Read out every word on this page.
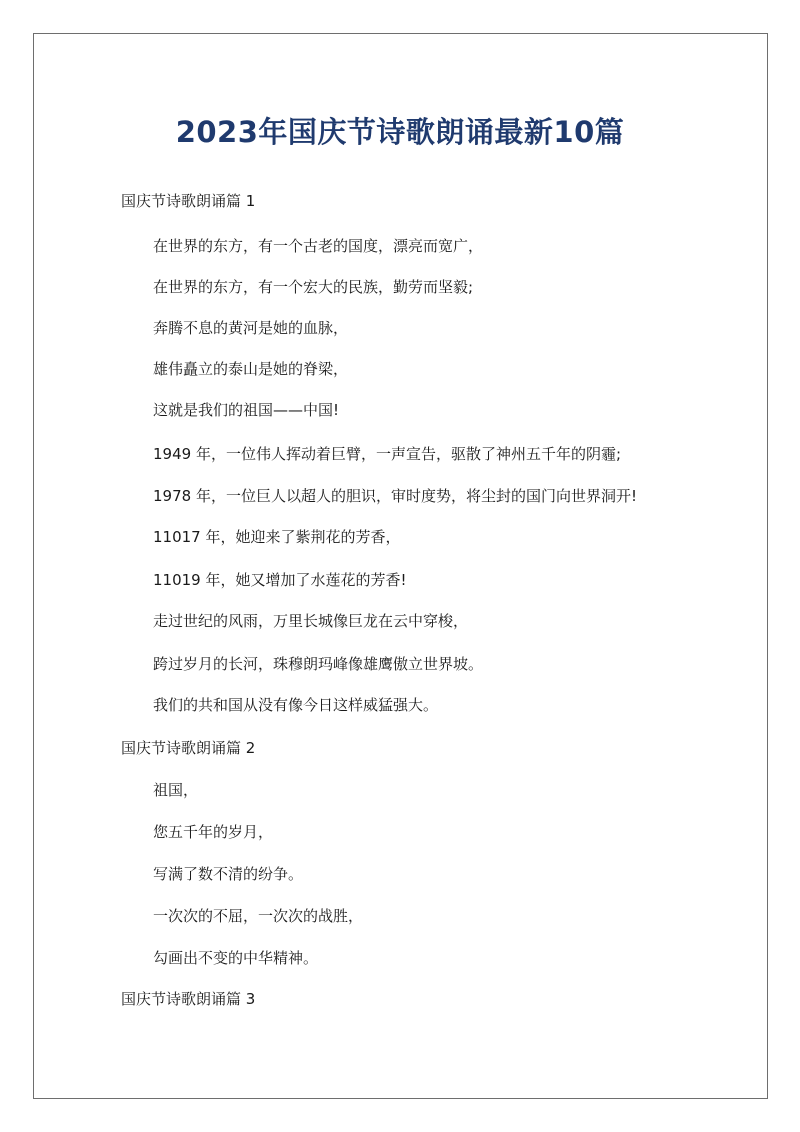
2023年国庆节诗歌朗诵最新10篇

国庆节诗歌朗诵篇 1

在世界的东方，有一个古老的国度，漂亮而宽广，

在世界的东方，有一个宏大的民族，勤劳而坚毅;

奔腾不息的黄河是她的血脉，

雄伟矗立的泰山是她的脊梁，

这就是我们的祖国——中国!

1949 年，一位伟人挥动着巨臂，一声宣告，驱散了神州五千年的阴霾;

1978 年，一位巨人以超人的胆识，审时度势，将尘封的国门向世界洞开!

11017 年，她迎来了紫荆花的芳香，

11019 年，她又增加了水莲花的芳香!

走过世纪的风雨，万里长城像巨龙在云中穿梭，

跨过岁月的长河，珠穆朗玛峰像雄鹰傲立世界坡。

我们的共和国从没有像今日这样威猛强大。

国庆节诗歌朗诵篇 2

祖国，

您五千年的岁月，

写满了数不清的纷争。

一次次的不屈，一次次的战胜，

勾画出不变的中华精神。

国庆节诗歌朗诵篇 3
